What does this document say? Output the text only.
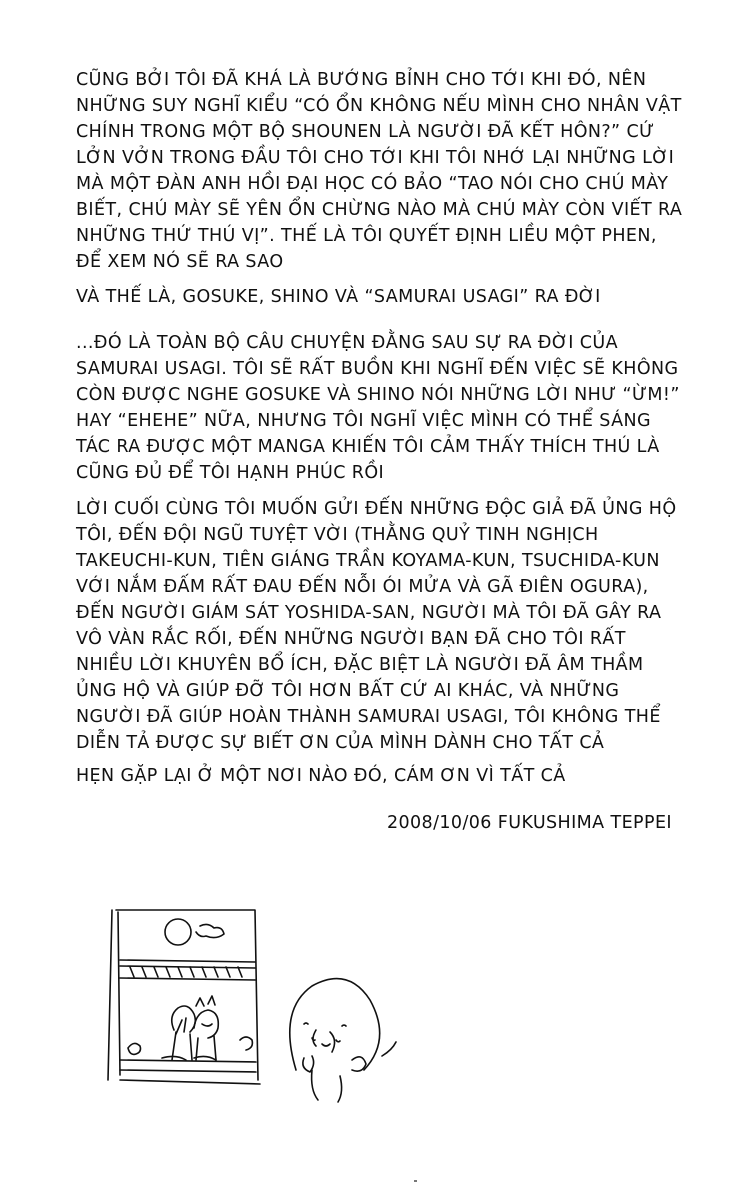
CŨNG BỞI TÔI ĐÃ KHÁ LÀ BƯỚNG BỈNH CHO TỚI KHI ĐÓ, NÊN NHỮNG SUY NGHĨ KIỂU “CÓ ỔN KHÔNG NẾU MÌNH CHO NHÂN VẬT CHÍNH TRONG MỘT BỘ SHOUNEN LÀ NGƯỜI ĐÃ KẾT HÔN?” CỨ LỞN VỞN TRONG ĐẦU TÔI CHO TỚI KHI TÔI NHỚ LẠI NHỮNG LỜI MÀ MỘT ĐÀN ANH HỒI ĐẠI HỌC CÓ BẢO “TAO NÓI CHO CHÚ MÀY BIẾT, CHÚ MÀY SẼ YÊN ỔN CHỪNG NÀO MÀ CHÚ MÀY CÒN VIẾT RA NHỮNG THỨ THÚ VỊ”. THẾ LÀ TÔI QUYẾT ĐỊNH LIỀU MỘT PHEN, ĐỂ XEM NÓ SẼ RA SAO

VÀ THẾ LÀ, GOSUKE, SHINO VÀ “SAMURAI USAGI” RA ĐỜI

...ĐÓ LÀ TOÀN BỘ CÂU CHUYỆN ĐẰNG SAU SỰ RA ĐỜI CỦA SAMURAI USAGI. TÔI SẼ RẤT BUỒN KHI NGHĨ ĐẾN VIỆC SẼ KHÔNG CÒN ĐƯỢC NGHE GOSUKE VÀ SHINO NÓI NHỮNG LỜI NHƯ “ỪM!” HAY “EHEHE” NỮA, NHƯNG TÔI NGHĨ VIỆC MÌNH CÓ THỂ SÁNG TÁC RA ĐƯỢC MỘT MANGA KHIẾN TÔI CẢM THẤY THÍCH THÚ LÀ CŨNG ĐỦ ĐỂ TÔI HẠNH PHÚC RỒI

LỜI CUỐI CÙNG TÔI MUỐN GỬI ĐẾN NHỮNG ĐỘC GIẢ ĐÃ ỦNG HỘ TÔI, ĐẾN ĐỘI NGŨ TUYỆT VỜI (THẰNG QUỶ TINH NGHỊCH TAKEUCHI-KUN, TIÊN GIÁNG TRẦN KOYAMA-KUN, TSUCHIDA-KUN VỚI NẮM ĐẤM RẤT ĐAU ĐẾN NỖI ÓI MỬA VÀ GÃ ĐIÊN OGURA), ĐẾN NGƯỜI GIÁM SÁT YOSHIDA-SAN, NGƯỜI MÀ TÔI ĐÃ GÂY RA VÔ VÀN RẮC RỐI, ĐẾN NHỮNG NGƯỜI BẠN ĐÃ CHO TÔI RẤT NHIỀU LỜI KHUYÊN BỔ ÍCH, ĐẶC BIỆT LÀ NGƯỜI ĐÃ ÂM THẦM ỦNG HỘ VÀ GIÚP ĐỠ TÔI HƠN BẤT CỨ AI KHÁC, VÀ NHỮNG NGƯỜI ĐÃ GIÚP HOÀN THÀNH SAMURAI USAGI, TÔI KHÔNG THỂ DIỄN TẢ ĐƯỢC SỰ BIẾT ƠN CỦA MÌNH DÀNH CHO TẤT CẢ

HẸN GẶP LẠI Ở MỘT NƠI NÀO ĐÓ, CÁM ƠN VÌ TẤT CẢ

2008/10/06 FUKUSHIMA TEPPEI
